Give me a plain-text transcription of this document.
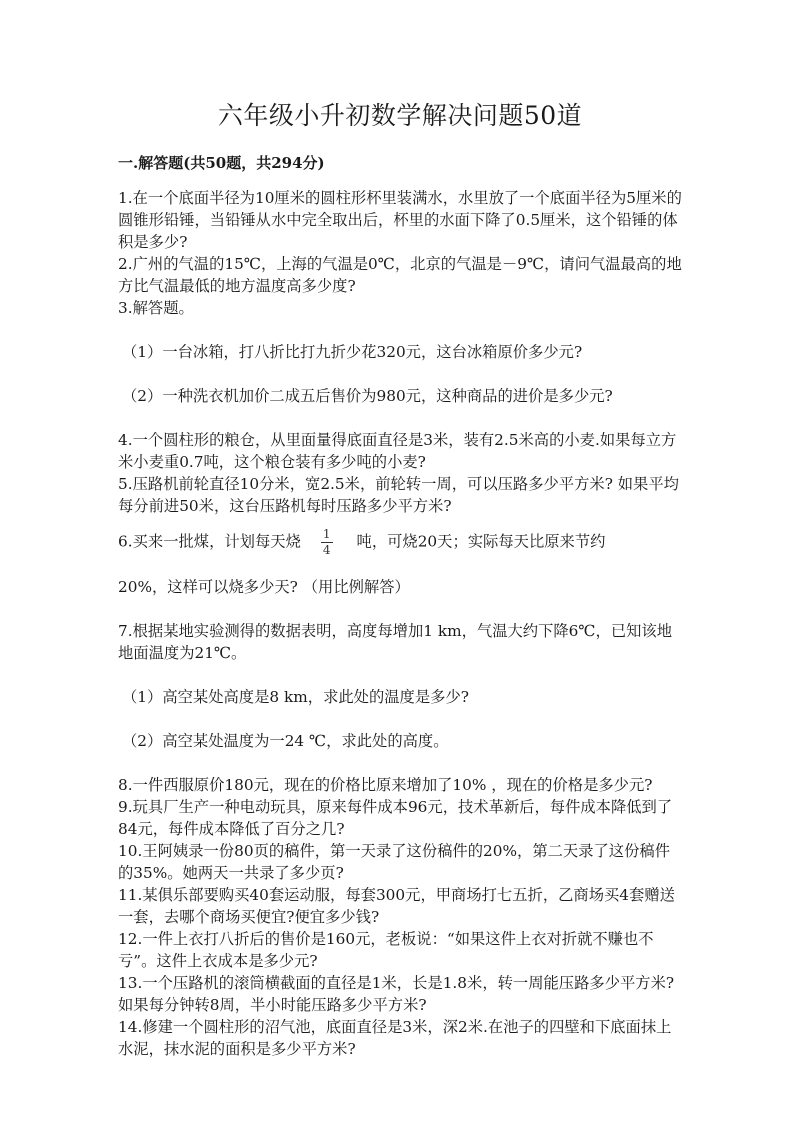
六年级小升初数学解决问题50道
一.解答题(共50题，共294分)

1.在一个底面半径为10厘米的圆柱形杯里装满水，水里放了一个底面半径为5厘米的圆锥形铅锤，当铅锤从水中完全取出后，杯里的水面下降了0.5厘米，这个铅锤的体积是多少?

2.广州的气温的15℃，上海的气温是0℃，北京的气温是－9℃，请问气温最高的地方比气温最低的地方温度高多少度?

3.解答题。

（1）一台冰箱，打八折比打九折少花320元，这台冰箱原价多少元?

（2）一种洗衣机加价二成五后售价为980元，这种商品的进价是多少元?

4.一个圆柱形的粮仓，从里面量得底面直径是3米，装有2.5米高的小麦.如果每立方米小麦重0.7吨，这个粮仓装有多少吨的小麦?

5.压路机前轮直径10分米，宽2.5米，前轮转一周，可以压路多少平方米? 如果平均每分前进50米，这台压路机每时压路多少平方米?

6.买来一批煤，计划每天烧 $\frac{1}{4}$ 吨，可烧20天；实际每天比原来节约

20%，这样可以烧多少天? （用比例解答）

7.根据某地实验测得的数据表明，高度每增加1 km，气温大约下降6℃，已知该地地面温度为21℃。

（1）高空某处高度是8 km，求此处的温度是多少?

（2）高空某处温度为一24 ℃，求此处的高度。

8.一件西服原价180元，现在的价格比原来增加了10% ，现在的价格是多少元?

9.玩具厂生产一种电动玩具，原来每件成本96元，技术革新后，每件成本降低到了84元，每件成本降低了百分之几?

10.王阿姨录一份80页的稿件，第一天录了这份稿件的20%，第二天录了这份稿件的35%。她两天一共录了多少页?

11.某俱乐部要购买40套运动服，每套300元，甲商场打七五折，乙商场买4套赠送一套，去哪个商场买便宜?便宜多少钱?

12.一件上衣打八折后的售价是160元，老板说：“如果这件上衣对折就不赚也不亏”。这件上衣成本是多少元?

13.一个压路机的滚筒横截面的直径是1米，长是1.8米，转一周能压路多少平方米?如果每分钟转8周，半小时能压路多少平方米?

14.修建一个圆柱形的沼气池，底面直径是3米，深2米.在池子的四壁和下底面抹上水泥，抹水泥的面积是多少平方米?
